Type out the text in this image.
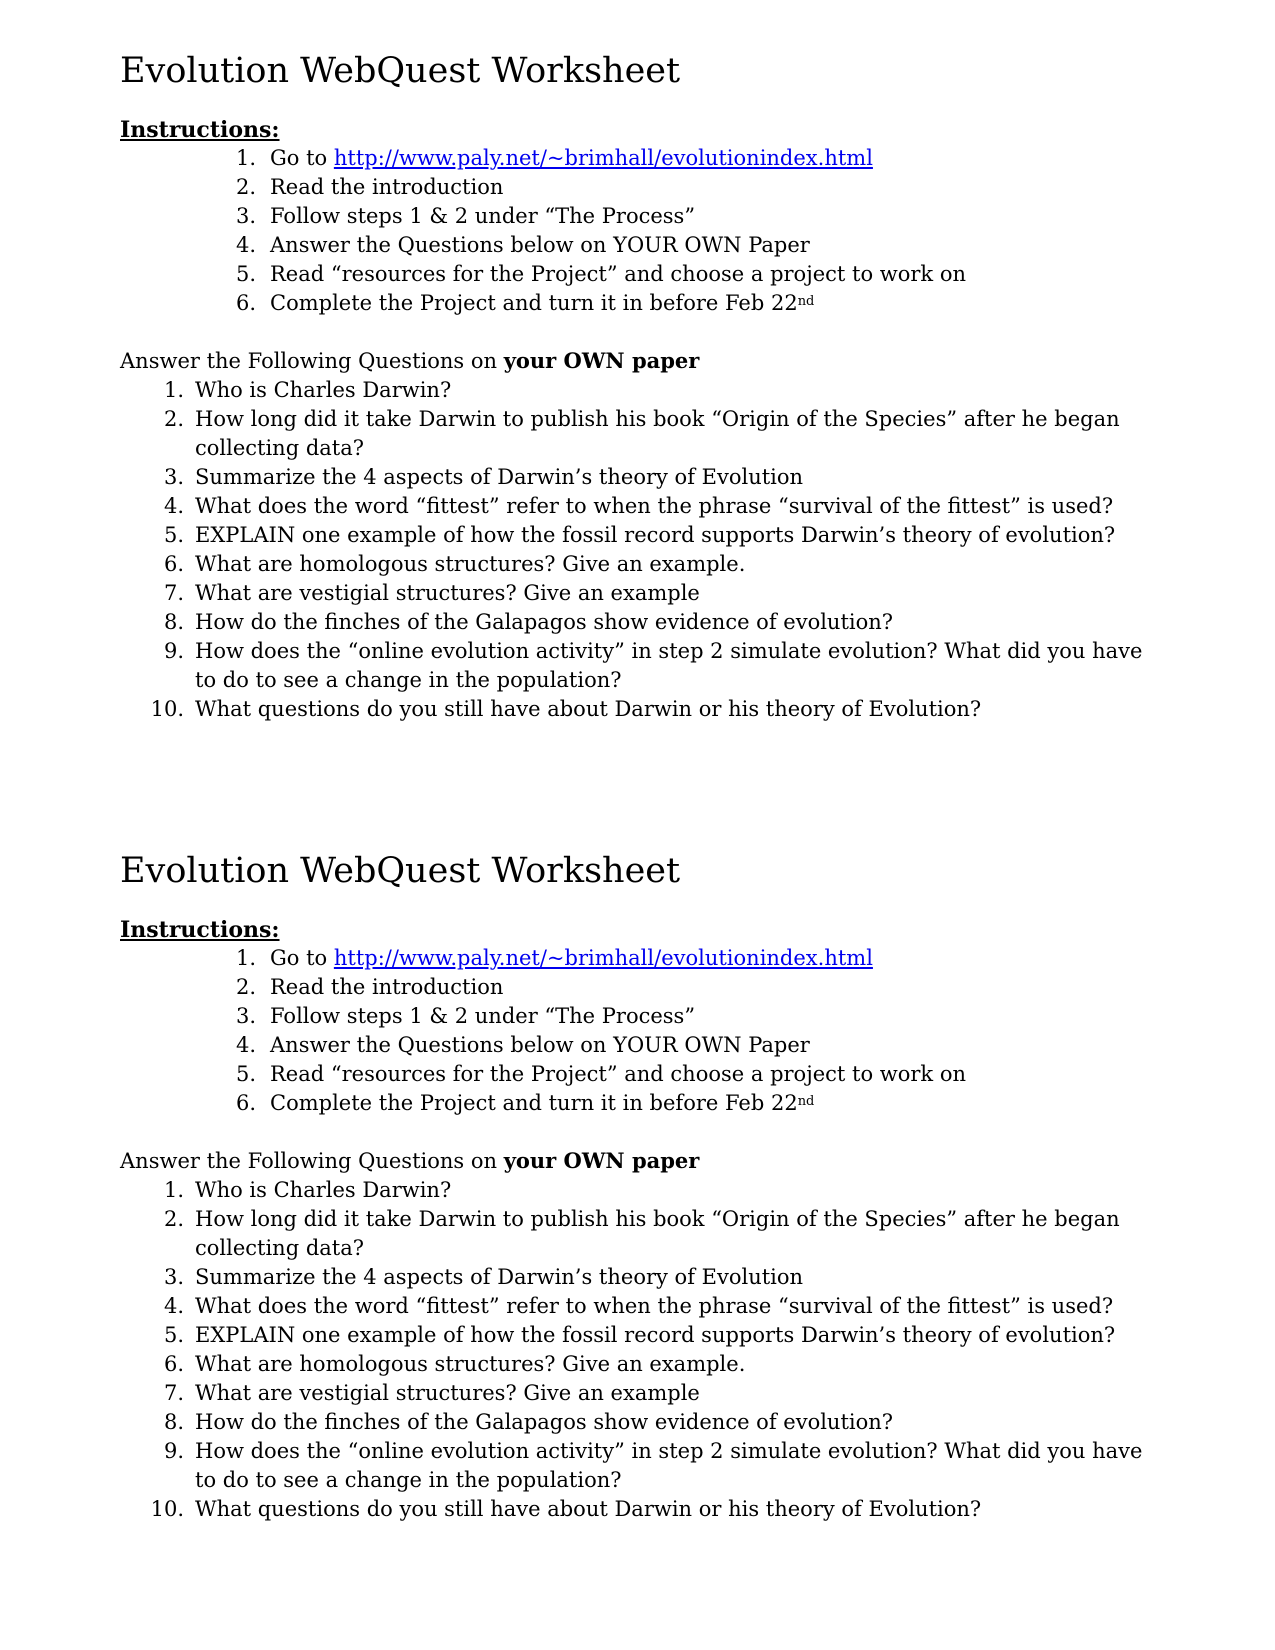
Evolution WebQuest Worksheet
Instructions:
1. Go to http://www.paly.net/~brimhall/evolutionindex.html
2. Read the introduction
3. Follow steps 1 & 2 under “The Process”
4. Answer the Questions below on YOUR OWN Paper
5. Read “resources for the Project” and choose a project to work on
6. Complete the Project and turn it in before Feb 22nd
Answer the Following Questions on your OWN paper
1. Who is Charles Darwin?
2. How long did it take Darwin to publish his book “Origin of the Species” after he began collecting data?
3. Summarize the 4 aspects of Darwin’s theory of Evolution
4. What does the word “fittest” refer to when the phrase “survival of the fittest” is used?
5. EXPLAIN one example of how the fossil record supports Darwin’s theory of evolution?
6. What are homologous structures? Give an example.
7. What are vestigial structures? Give an example
8. How do the finches of the Galapagos show evidence of evolution?
9. How does the “online evolution activity” in step 2 simulate evolution? What did you have to do to see a change in the population?
10. What questions do you still have about Darwin or his theory of Evolution?
Evolution WebQuest Worksheet
Instructions:
1. Go to http://www.paly.net/~brimhall/evolutionindex.html
2. Read the introduction
3. Follow steps 1 & 2 under “The Process”
4. Answer the Questions below on YOUR OWN Paper
5. Read “resources for the Project” and choose a project to work on
6. Complete the Project and turn it in before Feb 22nd
Answer the Following Questions on your OWN paper
1. Who is Charles Darwin?
2. How long did it take Darwin to publish his book “Origin of the Species” after he began collecting data?
3. Summarize the 4 aspects of Darwin’s theory of Evolution
4. What does the word “fittest” refer to when the phrase “survival of the fittest” is used?
5. EXPLAIN one example of how the fossil record supports Darwin’s theory of evolution?
6. What are homologous structures? Give an example.
7. What are vestigial structures? Give an example
8. How do the finches of the Galapagos show evidence of evolution?
9. How does the “online evolution activity” in step 2 simulate evolution? What did you have to do to see a change in the population?
10. What questions do you still have about Darwin or his theory of Evolution?
